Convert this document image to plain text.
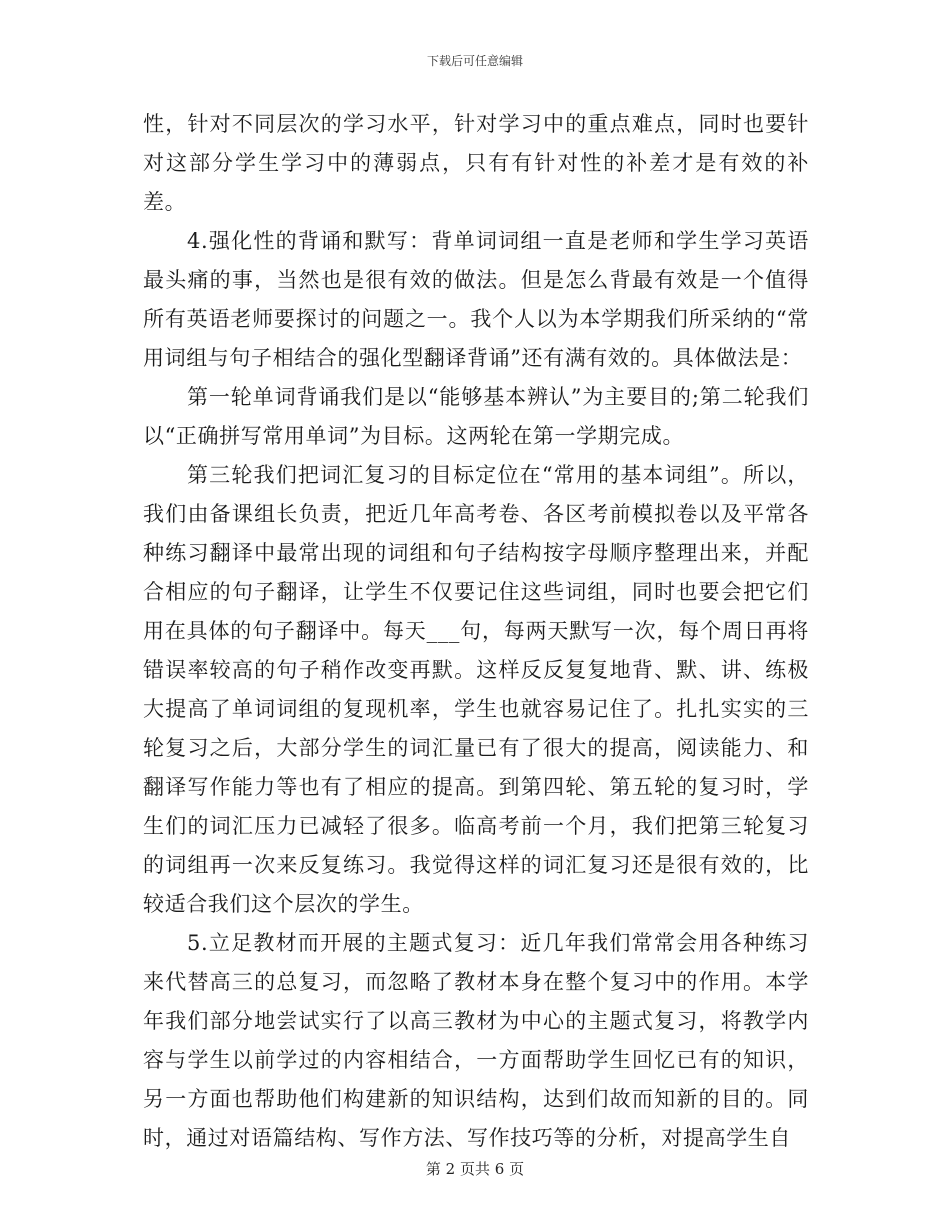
下载后可任意编辑

性，针对不同层次的学习水平，针对学习中的重点难点，同时也要针对这部分学生学习中的薄弱点，只有有针对性的补差才是有效的补差。

4.强化性的背诵和默写：背单词词组一直是老师和学生学习英语最头痛的事，当然也是很有效的做法。但是怎么背最有效是一个值得所有英语老师要探讨的问题之一。我个人以为本学期我们所采纳的“常用词组与句子相结合的强化型翻译背诵”还有满有效的。具体做法是：

第一轮单词背诵我们是以“能够基本辨认”为主要目的;第二轮我们以“正确拼写常用单词”为目标。这两轮在第一学期完成。

第三轮我们把词汇复习的目标定位在“常用的基本词组”。所以，我们由备课组长负责，把近几年高考卷、各区考前模拟卷以及平常各种练习翻译中最常出现的词组和句子结构按字母顺序整理出来，并配合相应的句子翻译，让学生不仅要记住这些词组，同时也要会把它们用在具体的句子翻译中。每天___句，每两天默写一次，每个周日再将错误率较高的句子稍作改变再默。这样反反复复地背、默、讲、练极大提高了单词词组的复现机率，学生也就容易记住了。扎扎实实的三轮复习之后，大部分学生的词汇量已有了很大的提高，阅读能力、和翻译写作能力等也有了相应的提高。到第四轮、第五轮的复习时，学生们的词汇压力已减轻了很多。临高考前一个月，我们把第三轮复习的词组再一次来反复练习。我觉得这样的词汇复习还是很有效的，比较适合我们这个层次的学生。

5.立足教材而开展的主题式复习：近几年我们常常会用各种练习来代替高三的总复习，而忽略了教材本身在整个复习中的作用。本学年我们部分地尝试实行了以高三教材为中心的主题式复习，将教学内容与学生以前学过的内容相结合，一方面帮助学生回忆已有的知识，另一方面也帮助他们构建新的知识结构，达到们故而知新的目的。同时，通过对语篇结构、写作方法、写作技巧等的分析，对提高学生自

第 2 页共 6 页
